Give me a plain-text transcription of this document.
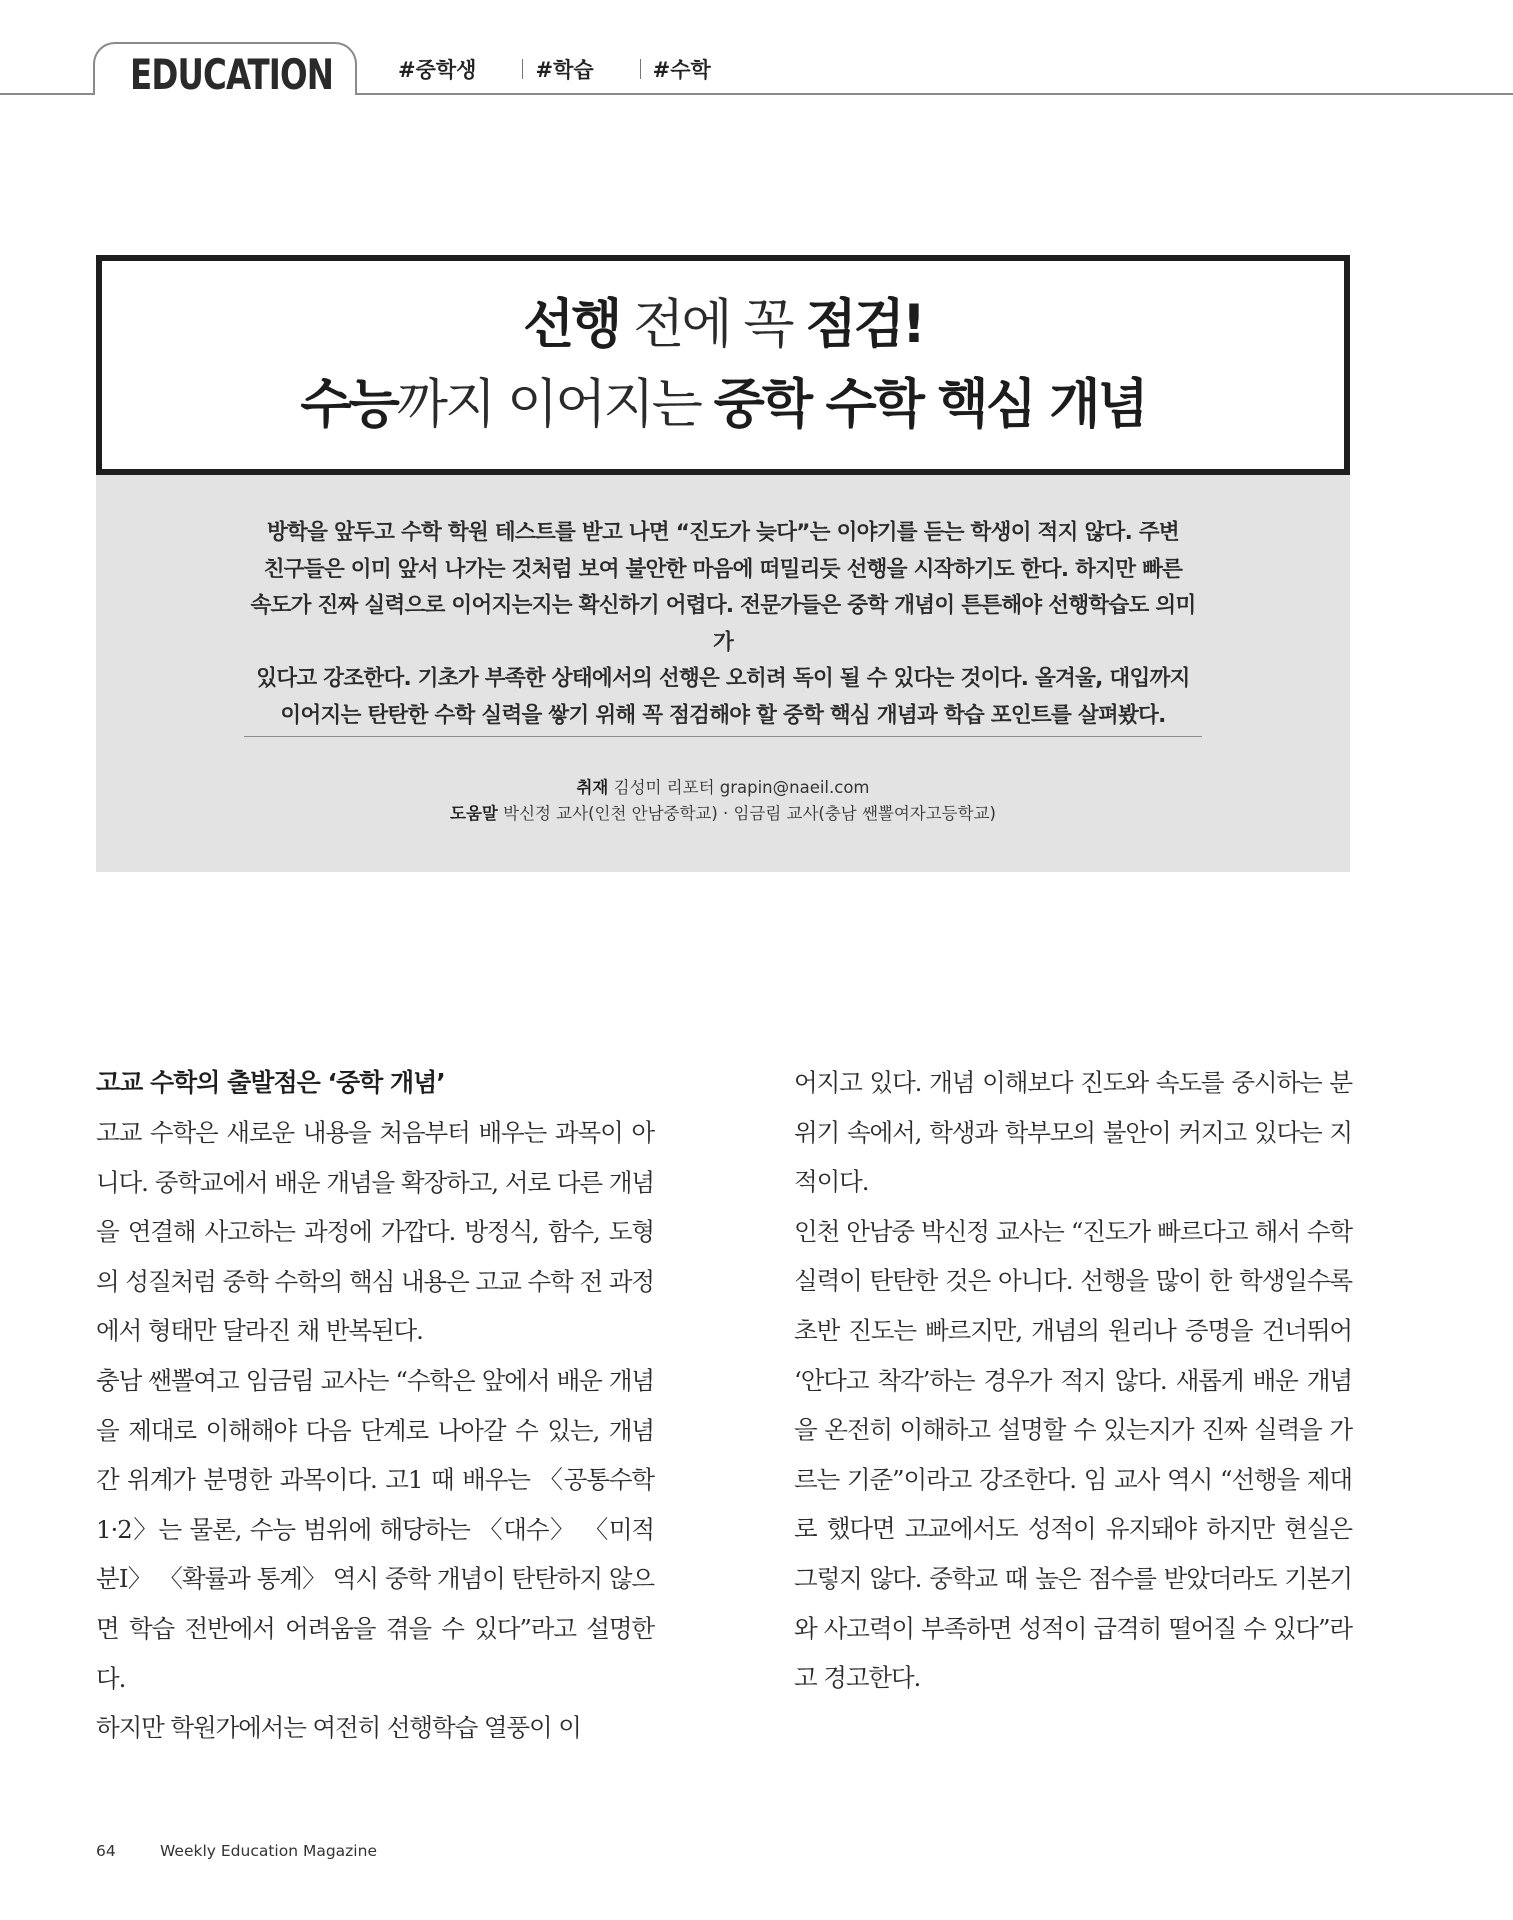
EDUCATION	#중학생	#학습	#수학
선행 전에 꼭 점검!
수능까지 이어지는 중학 수학 핵심 개념
방학을 앞두고 수학 학원 테스트를 받고 나면 “진도가 늦다”는 이야기를 듣는 학생이 적지 않다. 주변
친구들은 이미 앞서 나가는 것처럼 보여 불안한 마음에 떠밀리듯 선행을 시작하기도 한다. 하지만 빠른
속도가 진짜 실력으로 이어지는지는 확신하기 어렵다. 전문가들은 중학 개념이 튼튼해야 선행학습도 의미가
있다고 강조한다. 기초가 부족한 상태에서의 선행은 오히려 독이 될 수 있다는 것이다. 올겨울, 대입까지
이어지는 탄탄한 수학 실력을 쌓기 위해 꼭 점검해야 할 중학 핵심 개념과 학습 포인트를 살펴봤다.
취재 김성미 리포터 grapin@naeil.com
도움말 박신정 교사(인천 안남중학교) · 임금림 교사(충남 쌘뽈여자고등학교)
고교 수학의 출발점은 ‘중학 개념’

고교 수학은 새로운 내용을 처음부터 배우는 과목이 아니다. 중학교에서 배운 개념을 확장하고, 서로 다른 개념을 연결해 사고하는 과정에 가깝다. 방정식, 함수, 도형의 성질처럼 중학 수학의 핵심 내용은 고교 수학 전 과정에서 형태만 달라진 채 반복된다.

충남 쌘뽈여고 임금림 교사는 “수학은 앞에서 배운 개념을 제대로 이해해야 다음 단계로 나아갈 수 있는, 개념 간 위계가 분명한 과목이다. 고1 때 배우는 〈공통수학1·2〉는 물론, 수능 범위에 해당하는 〈대수〉 〈미적분Ⅰ〉 〈확률과 통계〉 역시 중학 개념이 탄탄하지 않으면 학습 전반에서 어려움을 겪을 수 있다”라고 설명한다.

하지만 학원가에서는 여전히 선행학습 열풍이 이

어지고 있다. 개념 이해보다 진도와 속도를 중시하는 분위기 속에서, 학생과 학부모의 불안이 커지고 있다는 지적이다.

인천 안남중 박신정 교사는 “진도가 빠르다고 해서 수학 실력이 탄탄한 것은 아니다. 선행을 많이 한 학생일수록 초반 진도는 빠르지만, 개념의 원리나 증명을 건너뛰어 ‘안다고 착각’하는 경우가 적지 않다. 새롭게 배운 개념을 온전히 이해하고 설명할 수 있는지가 진짜 실력을 가르는 기준”이라고 강조한다. 임 교사 역시 “선행을 제대로 했다면 고교에서도 성적이 유지돼야 하지만 현실은 그렇지 않다. 중학교 때 높은 점수를 받았더라도 기본기와 사고력이 부족하면 성적이 급격히 떨어질 수 있다”라고 경고한다.

64	Weekly Education Magazine
